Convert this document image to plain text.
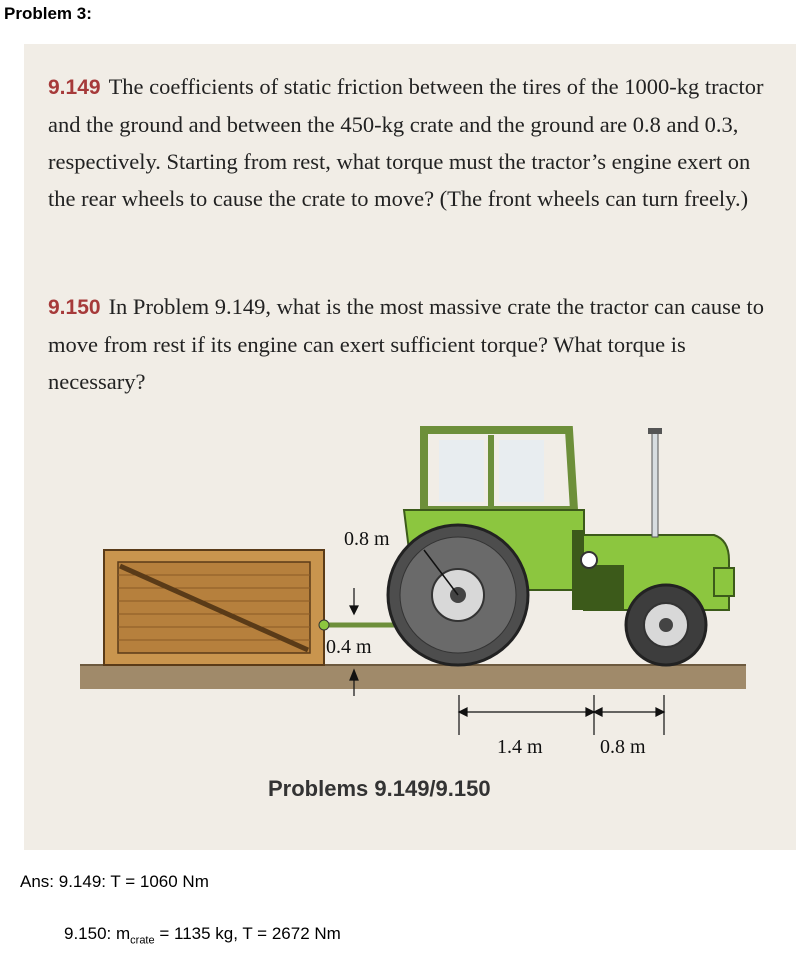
Problem 3:

9.149 The coefficients of static friction between the tires of the 1000-kg tractor and the ground and between the 450-kg crate and the ground are 0.8 and 0.3, respectively. Starting from rest, what torque must the tractor’s engine exert on the rear wheels to cause the crate to move? (The front wheels can turn freely.)

9.150 In Problem 9.149, what is the most massive crate the tractor can cause to move from rest if its engine can exert sufficient torque? What torque is necessary?

0.8 m
0.4 m
1.4 m	0.8 m
Problems 9.149/9.150
Ans: 9.149: T = 1060 Nm
9.150: $m_{crate} = 1135$ kg, T = 2672 Nm
